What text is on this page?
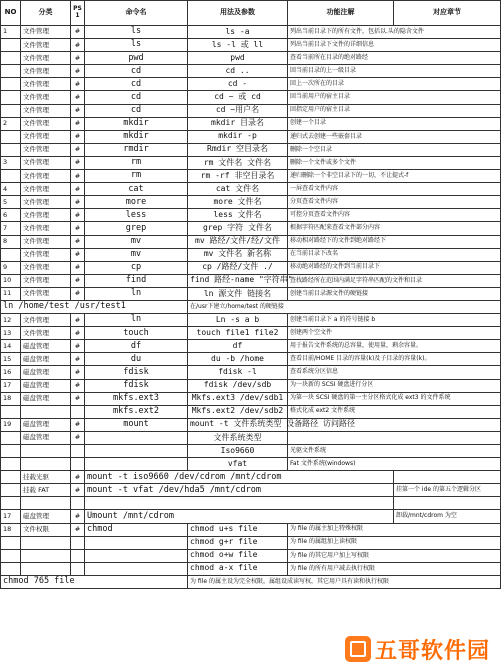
NO	分类	PS 1	命令名	用法及参数	功能注解	对应章节
1	文件管理	#	ls	ls -a	列出当前目录下的所有文件，包括以.头的隐含文件	
	文件管理	#	ls	ls -l 或 ll	列出当前目录下文件的详细信息	
	文件管理	#	pwd	pwd	查看当前所在目录的绝对路经	
	文件管理	#	cd	cd ..	回当前目录的上一级目录	
	文件管理	#	cd	cd -	回上一次所在的目录	
	文件管理	#	cd	cd ~ 或 cd	回当前用户的宿主目录	
	文件管理	#	cd	cd ~用户名	回指定用户的宿主目录	
2	文件管理	#	mkdir	mkdir 目录名	创建一个目录	
	文件管理	#	mkdir	mkdir -p	递归式去创建一些嵌套目录	
	文件管理	#	rmdir	Rmdir 空目录名	删除一个空目录	
3	文件管理	#	rm	rm 文件名 文件名	删除一个文件或多个文件	
	文件管理	#	rm	rm -rf 非空目录名	递归删除一个非空目录下的一切，不让提式-f	
4	文件管理	#	cat	cat 文件名	一屏查看文件内容	
5	文件管理	#	more	more 文件名	分页查看文件内容	
6	文件管理	#	less	less 文件名	可控分页查看文件内容	
7	文件管理	#	grep	grep 字符 文件名	根据字符匹配来查看文件部分内容	
8	文件管理	#	mv	mv 路经/文件/经/文件	移动相对路经下的文件到绝对路经下	
	文件管理	#	mv	mv 文件名 新名称	在当前目录下改名	
9	文件管理	#	cp	cp /路经/文件 ./	移动绝对路经的文件到当前目录下	
10	文件管理	#	find	find 路经-name "字符串"	查找路经所在范围内满足字符串匹配的文件和目录	
11	文件管理	#	ln	ln 源文件 链接名	创建当前目录源文件的硬链接	
ln /home/test /usr/test1				在/usr下建立/home/test 的硬链接		
12	文件管理	#	ln	Ln -s a b	创建当前目录下 a 的符号链接 b	
13	文件管理	#	touch	touch file1 file2	创建两个空文件	
14	磁盘管理	#	df	df	用于报告文件系统的总容量，使用量，剩余容量。	
15	磁盘管理	#	du	du -b /home	查看目前/HOME 目录的容量(k)及子目录的容量(k)。	
16	磁盘管理	#	fdisk	fdisk -l	查看系统分区信息	
17	磁盘管理	#	fdisk	fdisk /dev/sdb	为一块新的 SCSI 硬盘进行分区	
18	磁盘管理	#	mkfs.ext3	Mkfs.ext3 /dev/sdb1	为第一块 SCSI 硬盘的第一主分区格式化成 ext3 的文件系统	
			mkfs.ext2	Mkfs.ext2 /dev/sdb2	格式化成 ext2 文件系统	
19	磁盘管理	#	mount	mount -t 文件系统类型 设备路径 访问路径		
	磁盘管理	#		文件系统类型		
				Iso9660	光驱文件系统	
				vfat	Fat 文件系统(windows)	
	挂载光驱	#	mount -t iso9660 /dev/cdrom /mnt/cdrom			
	挂载 FAT	#	mount -t vfat /dev/hda5 /mnt/cdrom			挂第一个 ide 的第五个逻辑分区

17	磁盘管理	#	Umount /mnt/cdrom			卸载/mnt/cdrom 为空
18	文件权限	#	chmod	chmod u+s file	为 file 的属主加上特殊权限	
				chmod g+r file	为 file 的属组加上读权限	
				chmod o+w file	为 file 的其它用户加上写权限	
				chmod a-x file	为 file 的所有用户减去执行权限	
chmod 765 file				为 file 的属主设为完全权限，属组设成读写权，其它用户具有读和执行权限		
五哥软件园
